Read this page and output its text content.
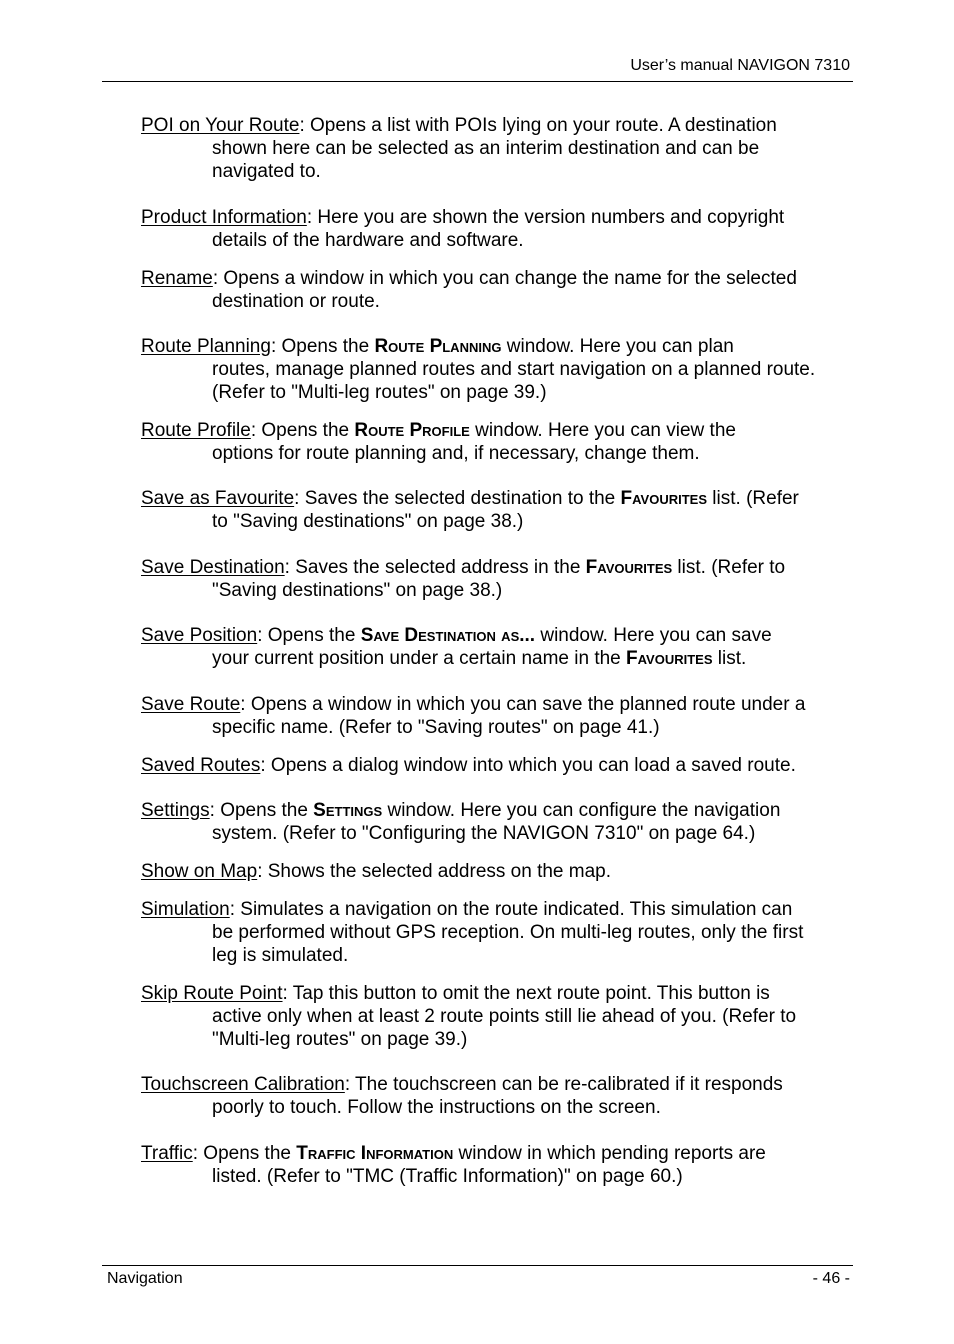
User’s manual NAVIGON 7310
POI on Your Route: Opens a list with POIs lying on your route. A destination
shown here can be selected as an interim destination and can be
navigated to.
Product Information: Here you are shown the version numbers and copyright
details of the hardware and software.
Rename: Opens a window in which you can change the name for the selected
destination or route.
Route Planning: Opens the Route Planning window. Here you can plan
routes, manage planned routes and start navigation on a planned route.
(Refer to "Multi-leg routes" on page 39.)
Route Profile: Opens the Route Profile window. Here you can view the
options for route planning and, if necessary, change them.
Save as Favourite: Saves the selected destination to the Favourites list. (Refer
to "Saving destinations" on page 38.)
Save Destination: Saves the selected address in the Favourites list. (Refer to
"Saving destinations" on page 38.)
Save Position: Opens the Save Destination as... window. Here you can save
your current position under a certain name in the Favourites list.
Save Route: Opens a window in which you can save the planned route under a
specific name. (Refer to "Saving routes" on page 41.)
Saved Routes: Opens a dialog window into which you can load a saved route.
Settings: Opens the Settings window. Here you can configure the navigation
system. (Refer to "Configuring the NAVIGON 7310" on page 64.)
Show on Map: Shows the selected address on the map.
Simulation: Simulates a navigation on the route indicated. This simulation can
be performed without GPS reception. On multi-leg routes, only the first
leg is simulated.
Skip Route Point: Tap this button to omit the next route point. This button is
active only when at least 2 route points still lie ahead of you. (Refer to
"Multi-leg routes" on page 39.)
Touchscreen Calibration: The touchscreen can be re-calibrated if it responds
poorly to touch. Follow the instructions on the screen.
Traffic: Opens the Traffic Information window in which pending reports are
listed. (Refer to "TMC (Traffic Information)" on page 60.)
Navigation	- 46 -
